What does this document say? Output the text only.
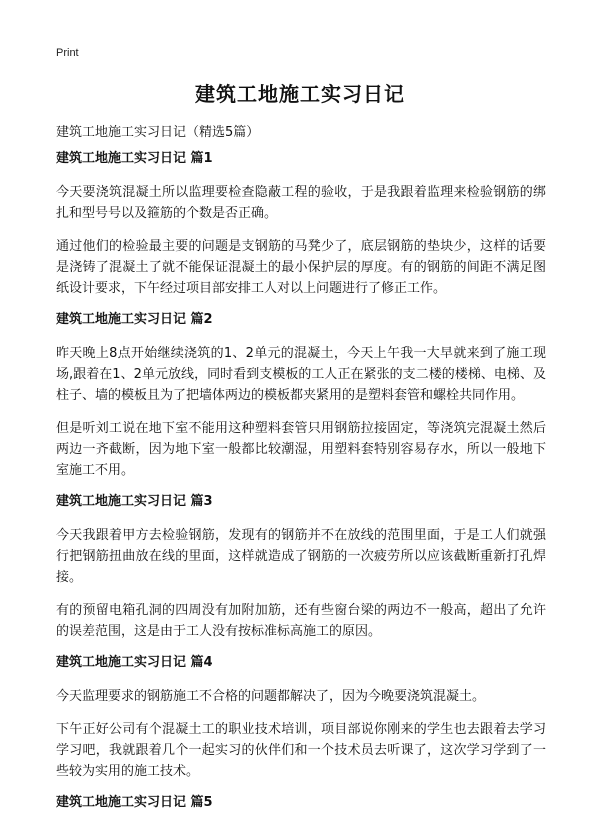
Print
建筑工地施工实习日记

建筑工地施工实习日记（精选5篇）

建筑工地施工实习日记 篇1

今天要浇筑混凝土所以监理要检查隐蔽工程的验收，于是我跟着监理来检验钢筋的绑扎和型号号以及箍筋的个数是否正确。

通过他们的检验最主要的问题是支钢筋的马凳少了，底层钢筋的垫块少，这样的话要是浇铸了混凝土了就不能保证混凝土的最小保护层的厚度。有的钢筋的间距不满足图纸设计要求，下午经过项目部安排工人对以上问题进行了修正工作。

建筑工地施工实习日记 篇2

昨天晚上8点开始继续浇筑的1、2单元的混凝土，今天上午我一大早就来到了施工现场,跟着在1、2单元放线，同时看到支模板的工人正在紧张的支二楼的楼梯、电梯、及柱子、墙的模板且为了把墙体两边的模板都夹紧用的是塑料套管和螺栓共同作用。

但是听刘工说在地下室不能用这种塑料套管只用钢筋拉接固定，等浇筑完混凝土然后两边一齐截断，因为地下室一般都比较潮湿，用塑料套特别容易存水，所以一般地下室施工不用。

建筑工地施工实习日记 篇3

今天我跟着甲方去检验钢筋，发现有的钢筋并不在放线的范围里面，于是工人们就强行把钢筋扭曲放在线的里面，这样就造成了钢筋的一次疲劳所以应该截断重新打孔焊接。

有的预留电箱孔洞的四周没有加附加筋，还有些窗台梁的两边不一般高，超出了允许的误差范围，这是由于工人没有按标准标高施工的原因。

建筑工地施工实习日记 篇4

今天监理要求的钢筋施工不合格的问题都解决了，因为今晚要浇筑混凝土。

下午正好公司有个混凝土工的职业技术培训，项目部说你刚来的学生也去跟着去学习学习吧，我就跟着几个一起实习的伙伴们和一个技术员去听课了，这次学习学到了一些较为实用的施工技术。

建筑工地施工实习日记 篇5
